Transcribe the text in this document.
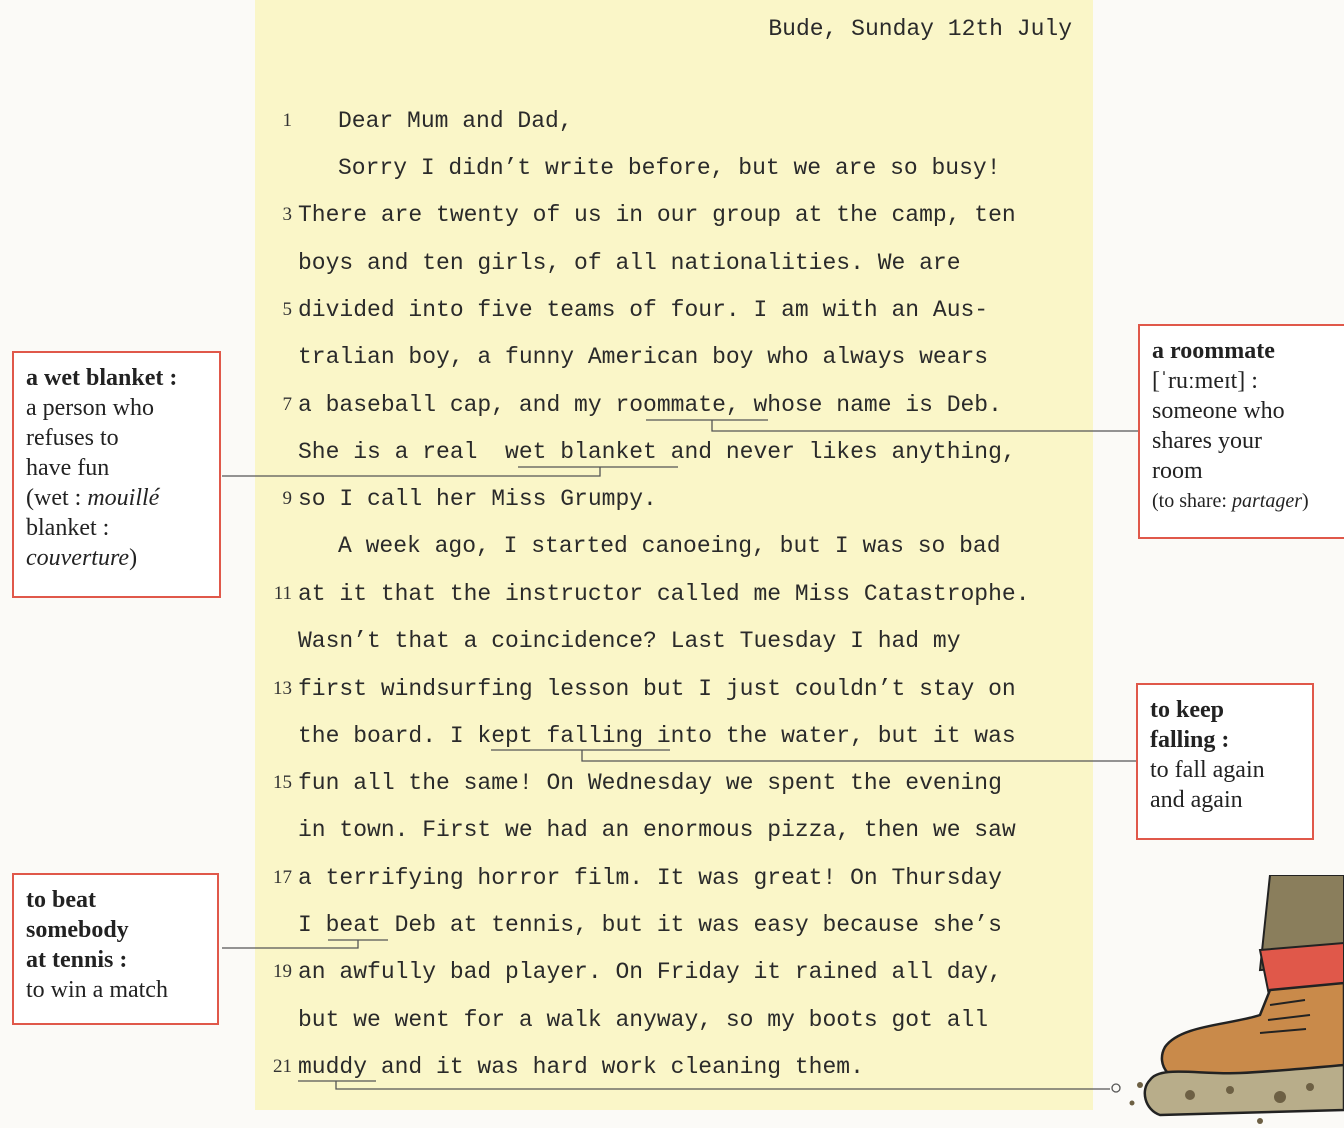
Bude, Sunday 12th July
1
3
5
7
9
11
13
15
17
19
21
Dear Mum and Dad,
Sorry I didn’t write before, but we are so busy!
There are twenty of us in our group at the camp, ten
boys and ten girls, of all nationalities. We are
divided into five teams of four. I am with an Aus-
tralian boy, a funny American boy who always wears
a baseball cap, and my roommate, whose name is Deb.
She is a real  wet blanket and never likes anything,
so I call her Miss Grumpy.
A week ago, I started canoeing, but I was so bad
at it that the instructor called me Miss Catastrophe.
Wasn’t that a coincidence? Last Tuesday I had my
first windsurfing lesson but I just couldn’t stay on
the board. I kept falling into the water, but it was
fun all the same! On Wednesday we spent the evening
in town. First we had an enormous pizza, then we saw
a terrifying horror film. It was great! On Thursday
I beat Deb at tennis, but it was easy because she’s
an awfully bad player. On Friday it rained all day,
but we went for a walk anyway, so my boots got all
muddy and it was hard work cleaning them.
a wet blanket :
a person who
refuses to
have fun
(wet : mouillé
blanket :
couverture)
a roommate
[ˈruːmeɪt] :
someone who
shares your
room
(to share: partager)
to keep
falling :
to fall again
and again
to beat
somebody
at tennis :
to win a match
